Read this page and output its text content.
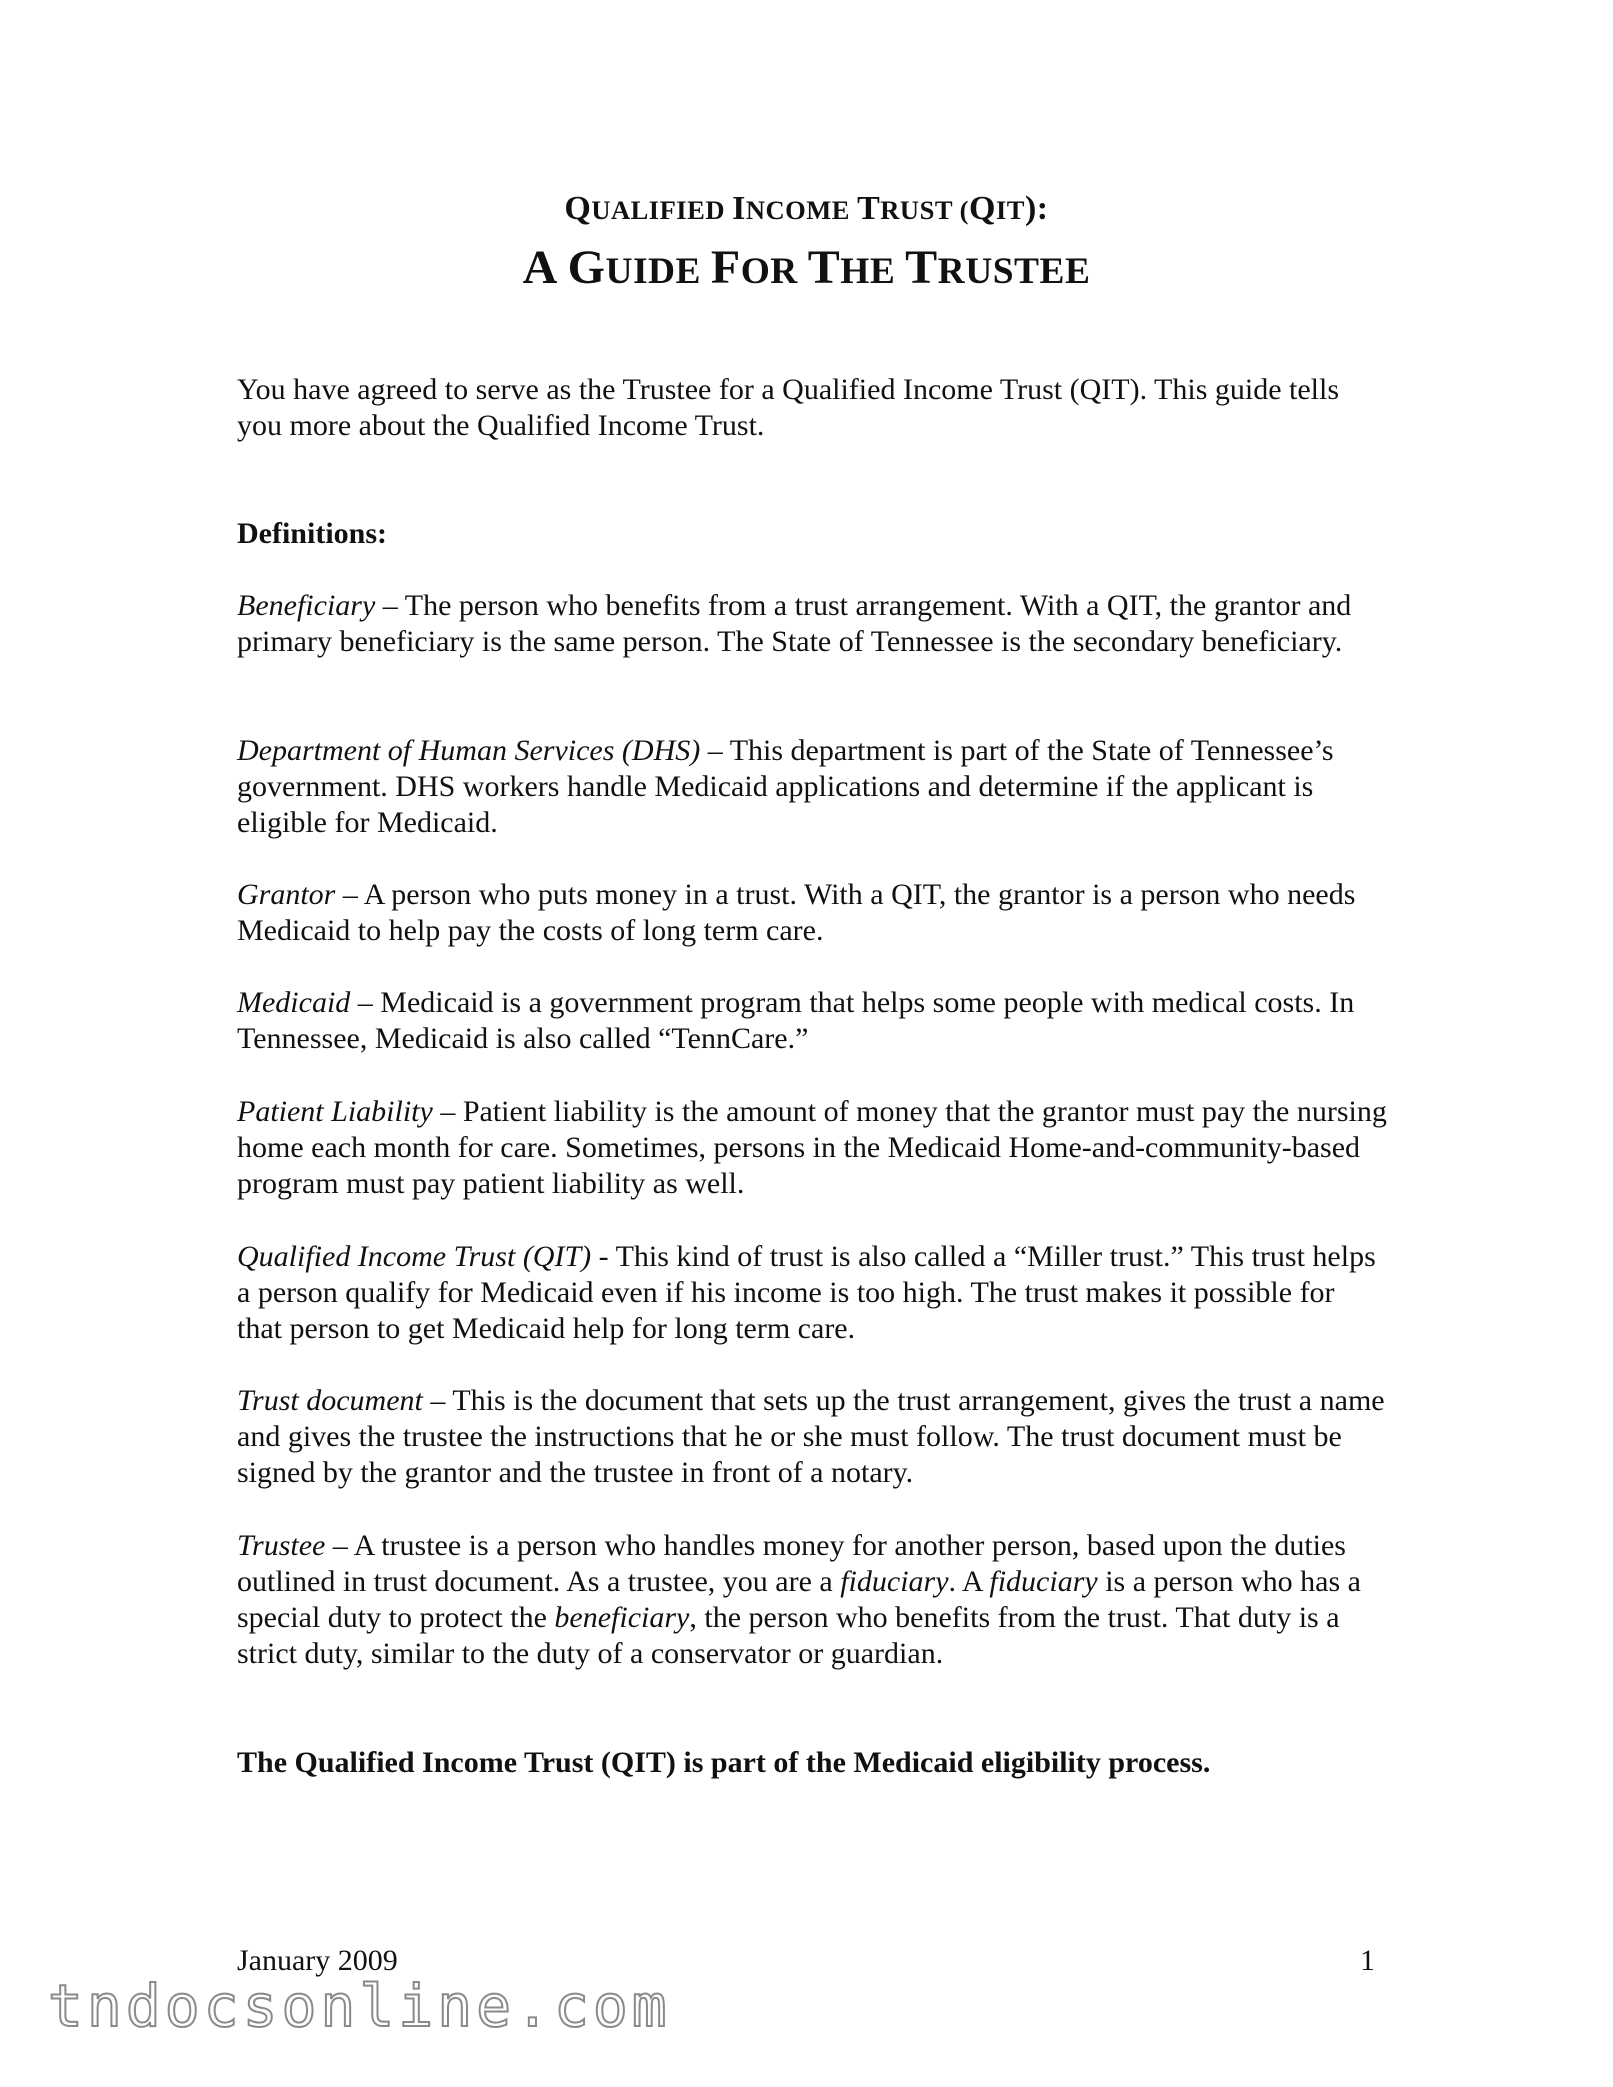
QUALIFIED INCOME TRUST (QIT):
A GUIDE FOR THE TRUSTEE

You have agreed to serve as the Trustee for a Qualified Income Trust (QIT). This guide tells you more about the Qualified Income Trust.

Definitions:

Beneficiary – The person who benefits from a trust arrangement. With a QIT, the grantor and primary beneficiary is the same person. The State of Tennessee is the secondary beneficiary.

Department of Human Services (DHS) – This department is part of the State of Tennessee’s government. DHS workers handle Medicaid applications and determine if the applicant is eligible for Medicaid.

Grantor – A person who puts money in a trust. With a QIT, the grantor is a person who needs Medicaid to help pay the costs of long term care.

Medicaid – Medicaid is a government program that helps some people with medical costs. In Tennessee, Medicaid is also called “TennCare.”

Patient Liability – Patient liability is the amount of money that the grantor must pay the nursing home each month for care. Sometimes, persons in the Medicaid Home-and-community-based program must pay patient liability as well.

Qualified Income Trust (QIT) - This kind of trust is also called a “Miller trust.” This trust helps a person qualify for Medicaid even if his income is too high. The trust makes it possible for that person to get Medicaid help for long term care.

Trust document – This is the document that sets up the trust arrangement, gives the trust a name and gives the trustee the instructions that he or she must follow. The trust document must be signed by the grantor and the trustee in front of a notary.

Trustee – A trustee is a person who handles money for another person, based upon the duties outlined in trust document. As a trustee, you are a fiduciary. A fiduciary is a person who has a special duty to protect the beneficiary, the person who benefits from the trust. That duty is a strict duty, similar to the duty of a conservator or guardian.

The Qualified Income Trust (QIT) is part of the Medicaid eligibility process.

January 2009	1
tndocsonline.com
